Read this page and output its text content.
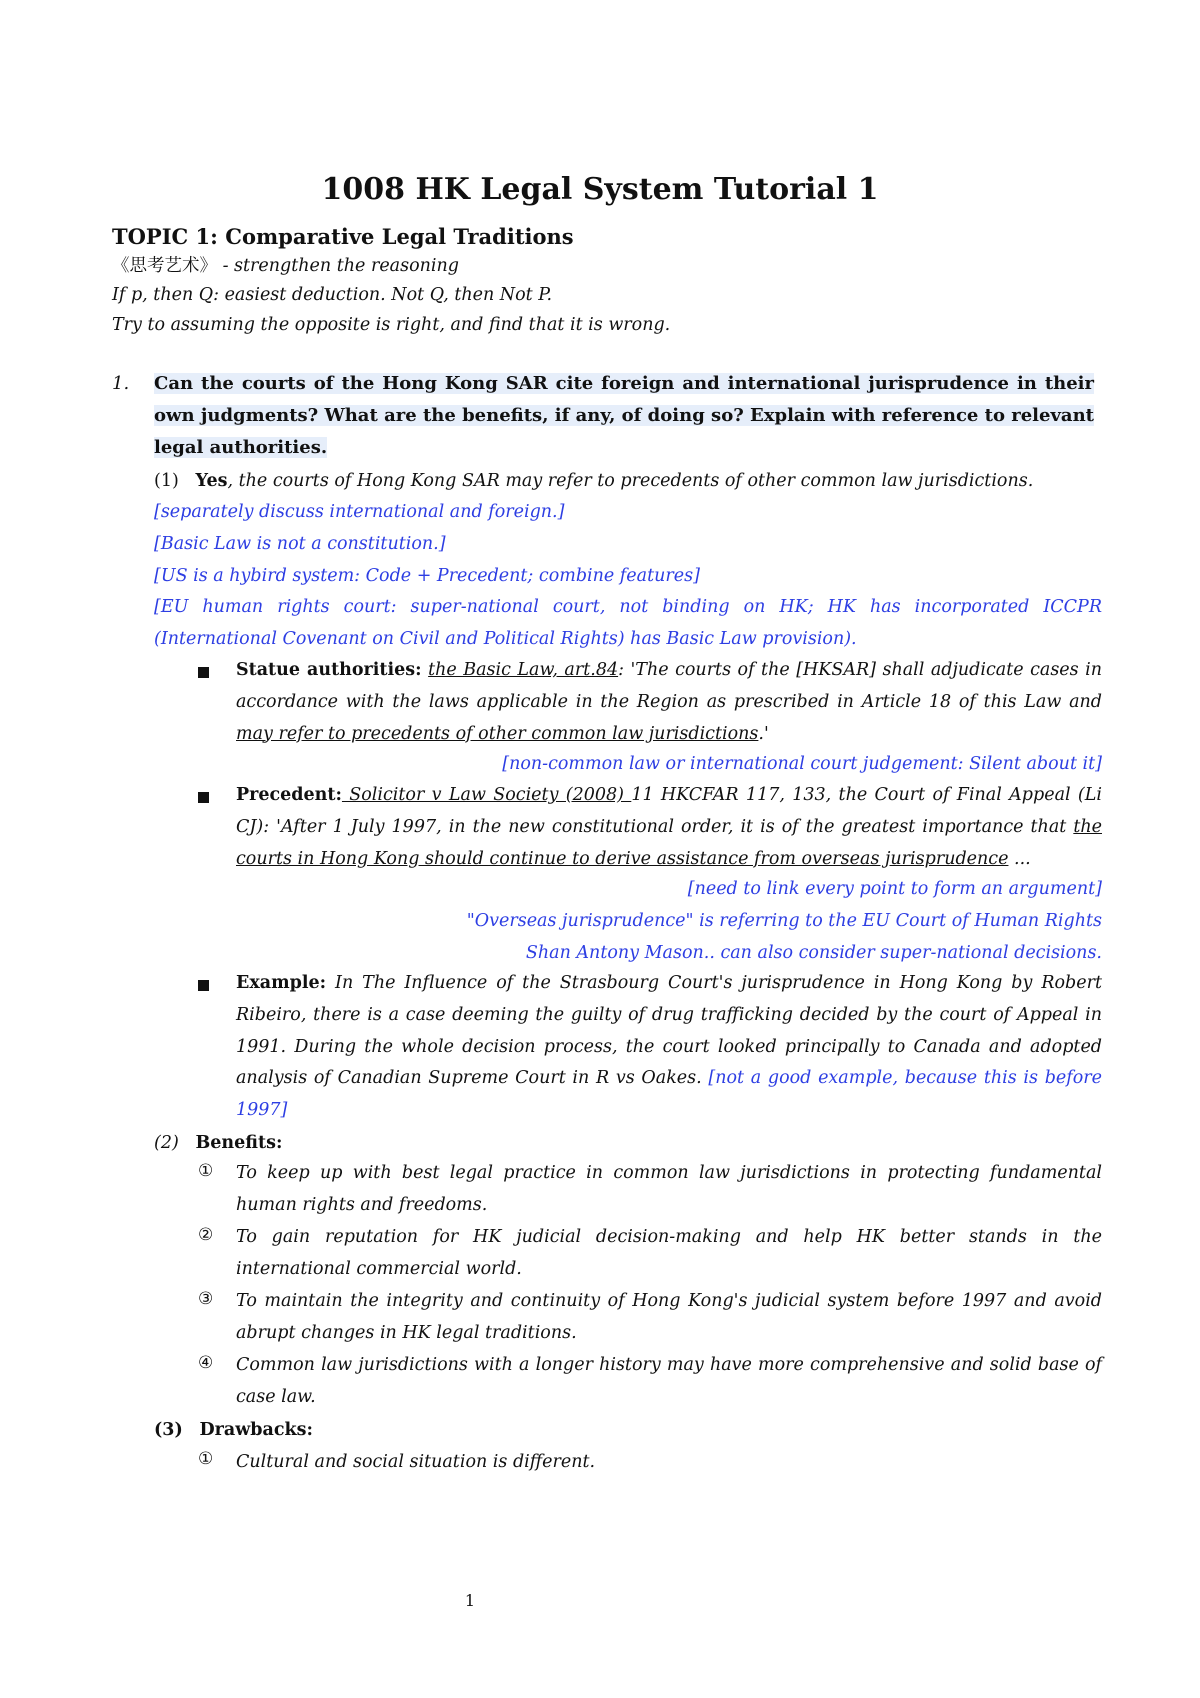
1008 HK Legal System Tutorial 1
TOPIC 1: Comparative Legal Traditions
《思考艺术》 - strengthen the reasoning
If p, then Q: easiest deduction. Not Q, then Not P.
Try to assuming the opposite is right, and find that it is wrong.
1. Can the courts of the Hong Kong SAR cite foreign and international jurisprudence in their own judgments? What are the benefits, if any, of doing so? Explain with reference to relevant legal authorities.
(1) Yes, the courts of Hong Kong SAR may refer to precedents of other common law jurisdictions.
[separately discuss international and foreign.]
[Basic Law is not a constitution.]
[US is a hybird system: Code + Precedent; combine features]
[EU human rights court: super-national court, not binding on HK; HK has incorporated ICCPR (International Covenant on Civil and Political Rights) has Basic Law provision).
Statue authorities: the Basic Law, art.84: 'The courts of the [HKSAR] shall adjudicate cases in accordance with the laws applicable in the Region as prescribed in Article 18 of this Law and may refer to precedents of other common law jurisdictions.'
[non-common law or international court judgement: Silent about it]
Precedent: Solicitor v Law Society (2008) 11 HKCFAR 117, 133, the Court of Final Appeal (Li CJ): 'After 1 July 1997, in the new constitutional order, it is of the greatest importance that the courts in Hong Kong should continue to derive assistance from overseas jurisprudence ...
[need to link every point to form an argument]
"Overseas jurisprudence" is referring to the EU Court of Human Rights
Shan Antony Mason.. can also consider super-national decisions.
Example: In The Influence of the Strasbourg Court's jurisprudence in Hong Kong by Robert Ribeiro, there is a case deeming the guilty of drug trafficking decided by the court of Appeal in 1991. During the whole decision process, the court looked principally to Canada and adopted analysis of Canadian Supreme Court in R vs Oakes. [not a good example, because this is before 1997]
(2) Benefits:
① To keep up with best legal practice in common law jurisdictions in protecting fundamental human rights and freedoms.
② To gain reputation for HK judicial decision-making and help HK better stands in the international commercial world.
③ To maintain the integrity and continuity of Hong Kong's judicial system before 1997 and avoid abrupt changes in HK legal traditions.
④ Common law jurisdictions with a longer history may have more comprehensive and solid base of case law.
(3) Drawbacks:
① Cultural and social situation is different.
1
